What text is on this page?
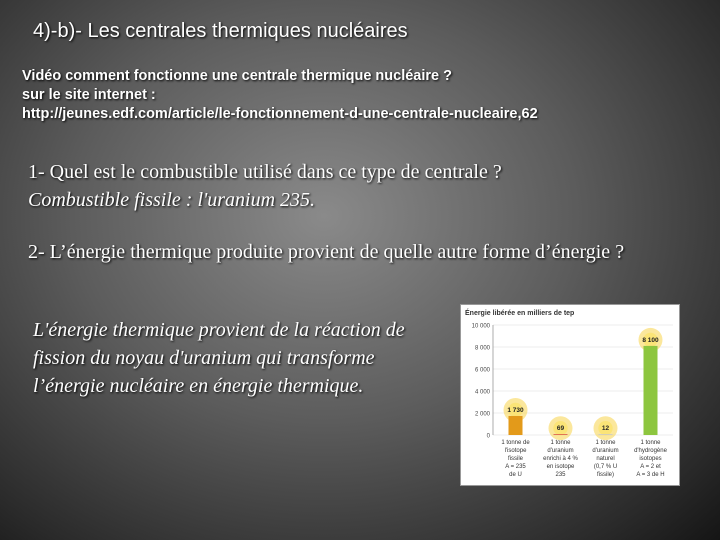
4)-b)- Les centrales thermiques nucléaires
Vidéo comment fonctionne une centrale thermique nucléaire ?
sur le site internet :
http://jeunes.edf.com/article/le-fonctionnement-d-une-centrale-nucleaire,62
1- Quel est le combustible utilisé dans ce type de centrale ?
Combustible fissile : l'uranium 235.
2- L’énergie thermique produite provient de quelle autre forme d’énergie ?
L'énergie thermique provient de la réaction de fission du noyau d'uranium qui transforme l’énergie nucléaire en énergie thermique.
Énergie libérée en milliers de tep
0
2 000
4 000
6 000
8 000
10 000
1 730
1 tonne de
l'isotope
fissile
A = 235
de U
69
1 tonne
d'uranium
enrichi à 4 %
en isotope
235
12
1 tonne
d'uranium
naturel
(0,7 % U
fissile)
8 100
1 tonne
d'hydrogène
isotopes
A = 2 et
A = 3 de H
